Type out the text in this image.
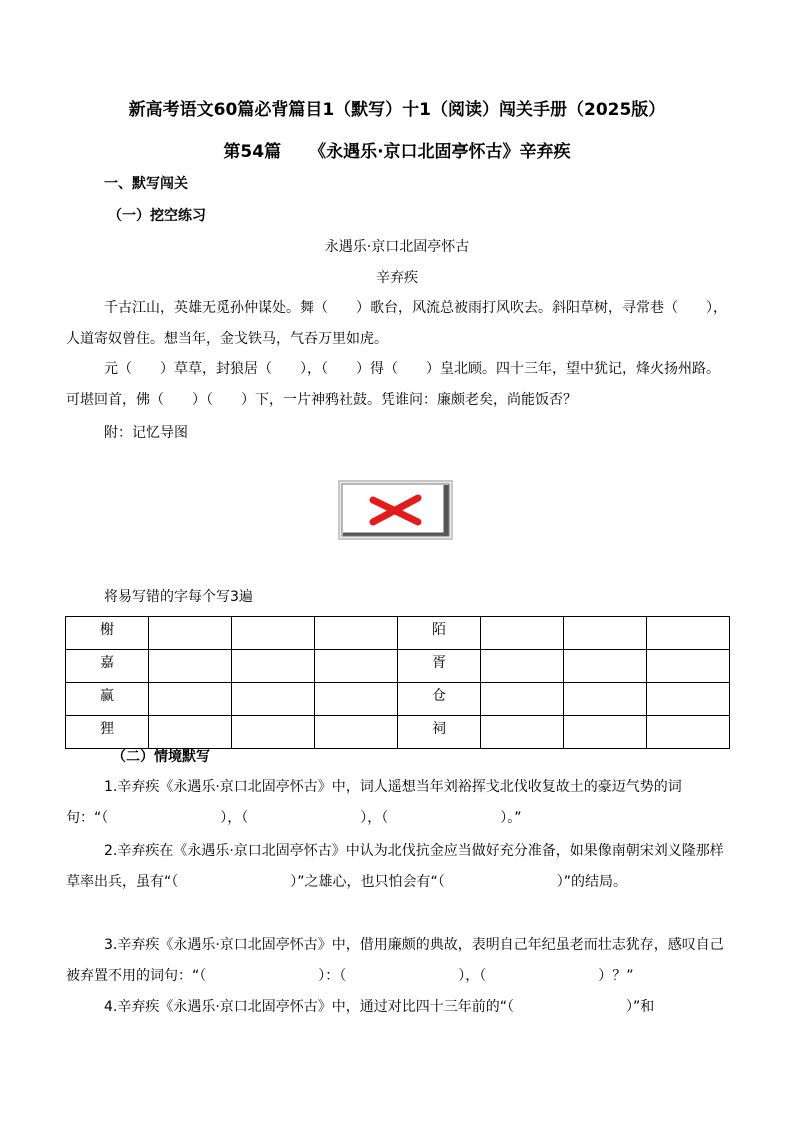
新高考语文60篇必背篇目1（默写）十1（阅读）闯关手册（2025版）
第54篇 《永遇乐·京口北固亭怀古》辛弃疾
一、默写闯关
（一）挖空练习
永遇乐·京口北固亭怀古
辛弃疾
千古江山，英雄无觅孙仲谋处。舞（　　）歌台，风流总被雨打风吹去。斜阳草树，寻常巷（　　），人道寄奴曾住。想当年，金戈铁马，气吞万里如虎。
元（　　）草草，封狼居（　　），（　　）得（　　）皇北顾。四十三年，望中犹记，烽火扬州路。可堪回首，佛（　　）（　　）下，一片神鸦社鼓。凭谁问：廉颇老矣，尚能饭否？
附：记忆导图
将易写错的字每个写3遍
榭				陌			
嘉				胥			
赢				仓			
狸				祠			
（二）情境默写
1.辛弃疾《永遇乐·京口北固亭怀古》中，词人遥想当年刘裕挥戈北伐收复故土的豪迈气势的词句：“（　　　　　　　　），（　　　　　　　　），（　　　　　　　　）。”
2.辛弃疾在《永遇乐·京口北固亭怀古》中认为北伐抗金应当做好充分准备，如果像南朝宋刘义隆那样草率出兵，虽有“（　　　　　　　　）”之雄心，也只怕会有“（　　　　　　　　）”的结局。
3.辛弃疾《永遇乐·京口北固亭怀古》中，借用廉颇的典故，表明自己年纪虽老而壮志犹存，感叹自己被弃置不用的词句：“（　　　　　　　　）：（　　　　　　　　），（　　　　　　　　）？”
4.辛弃疾《永遇乐·京口北固亭怀古》中，通过对比四十三年前的“（　　　　　　　　）”和
